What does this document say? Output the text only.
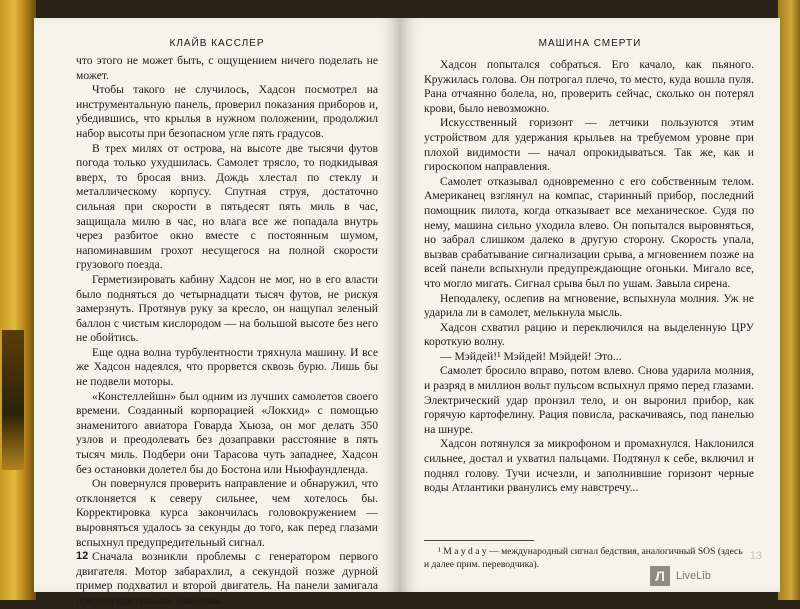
КЛАЙВ КАССЛЕР

что этого не может быть, с ощущением ничего поделать не может.

Чтобы такого не случилось, Хадсон посмотрел на инструментальную панель, проверил показания приборов и, убедившись, что крылья в нужном положении, продолжил набор высоты при безопасном угле пять градусов.

В трех милях от острова, на высоте две тысячи футов погода только ухудшилась. Самолет трясло, то подкидывая вверх, то бросая вниз. Дождь хлестал по стеклу и металлическому корпусу. Спутная струя, достаточно сильная при скорости в пятьдесят пять миль в час, защищала милю в час, но влага все же попадала внутрь через разбитое окно вместе с постоянным шумом, напоминавшим грохот несущегося на полной скорости грузового поезда.

Герметизировать кабину Хадсон не мог, но в его власти было подняться до четырнадцати тысяч футов, не рискуя замерзнуть. Протянув руку за кресло, он нащупал зеленый баллон с чистым кислородом — на большой высоте без него не обойтись.

Еще одна волна турбулентности тряхнула машину. И все же Хадсон надеялся, что прорвется сквозь бурю. Лишь бы не подвели моторы.

«Констеллейшн» был одним из лучших самолетов своего времени. Созданный корпорацией «Локхид» с помощью знаменитого авиатора Говарда Хьюза, он мог делать 350 узлов и преодолевать без дозаправки расстояние в пять тысяч миль. Подбери они Тарасова чуть западнее, Хадсон без остановки долетел бы до Бостона или Ньюфаундленда.

Он повернулся проверить направление и обнаружил, что отклоняется к северу сильнее, чем хотелось бы. Корректировка курса закончилась головокружением — выровняться удалось за секунды до того, как перед глазами вспыхнул предупредительный сигнал.

Сначала возникли проблемы с генератором первого двигателя. Мотор забарахлил, а секундой позже дурной пример подхватил и второй двигатель. На панели замигала предупредительная лампочка.

12
МАШИНА СМЕРТИ

Хадсон попытался собраться. Его качало, как пьяного. Кружилась голова. Он потрогал плечо, то место, куда вошла пуля. Рана отчаянно болела, но, проверить сейчас, сколько он потерял крови, было невозможно.

Искусственный горизонт — летчики пользуются этим устройством для удержания крыльев на требуемом уровне при плохой видимости — начал опрокидываться. Так же, как и гироскопом направления.

Самолет отказывал одновременно с его собственным телом. Американец взглянул на компас, старинный прибор, последний помощник пилота, когда отказывает все механическое. Судя по нему, машина сильно уходила влево. Он попытался выровняться, но забрал слишком далеко в другую сторону. Скорость упала, вызвав срабатывание сигнализации срыва, а мгновением позже на всей панели вспыхнули предупреждающие огоньки. Мигало все, что могло мигать. Сигнал срыва был по ушам. Завыла сирена.

Неподалеку, ослепив на мгновение, вспыхнула молния. Уж не ударила ли в самолет, мелькнула мысль.

Хадсон схватил рацию и переключился на выделенную ЦРУ короткую волну.

— Мэйдей!¹ Мэйдей! Мэйдей! Это...

Самолет бросило вправо, потом влево. Снова ударила молния, и разряд в миллион вольт пульсом вспыхнул прямо перед глазами. Электрический удар пронзил тело, и он выронил прибор, как горячую картофелину. Рация повисла, раскачиваясь, под панелью на шнуре.

Хадсон потянулся за микрофоном и промахнулся. Наклонился сильнее, достал и ухватил пальцами. Подтянул к себе, включил и поднял голову. Тучи исчезли, и заполнившие горизонт черные воды Атлантики рванулись ему навстречу...

¹ M a y d a y — международный сигнал бедствия, аналогичный SOS (здесь и далее прим. переводчика).
13
Л	LiveLib
